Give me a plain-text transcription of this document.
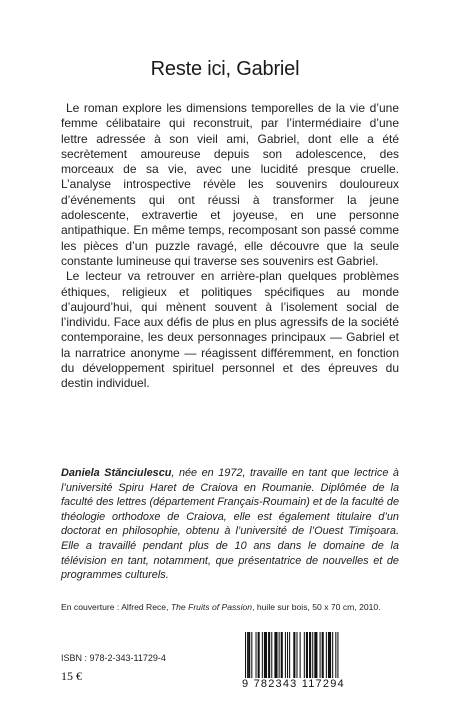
Reste ici, Gabriel

Le roman explore les dimensions temporelles de la vie d’une femme célibataire qui reconstruit, par l’intermédiaire d’une lettre adressée à son vieil ami, Gabriel, dont elle a été secrètement amoureuse depuis son adolescence, des morceaux de sa vie, avec une lucidité presque cruelle. L’analyse introspective révèle les souvenirs douloureux d’événements qui ont réussi à transformer la jeune adolescente, extravertie et joyeuse, en une personne antipathique. En même temps, recomposant son passé comme les pièces d’un puzzle ravagé, elle découvre que la seule constante lumineuse qui traverse ses souvenirs est Gabriel.

Le lecteur va retrouver en arrière-plan quelques problèmes éthiques, religieux et politiques spécifiques au monde d’aujourd’hui, qui mènent souvent à l’isolement social de l’individu. Face aux défis de plus en plus agressifs de la société contemporaine, les deux personnages principaux — Gabriel et la narratrice anonyme — réagissent différemment, en fonction du développement spirituel personnel et des épreuves du destin individuel.

Daniela Stănciulescu, née en 1972, travaille en tant que lectrice à l’université Spiru Haret de Craiova en Roumanie. Diplômée de la faculté des lettres (département Français-Roumain) et de la faculté de théologie orthodoxe de Craiova, elle est également titulaire d’un doctorat en philosophie, obtenu à l’université de l’Ouest Timişoara. Elle a travaillé pendant plus de 10 ans dans le domaine de la télévision en tant, notamment, que présentatrice de nouvelles et de programmes culturels.
En couverture : Alfred Rece, The Fruits of Passion, huile sur bois, 50 x 70 cm, 2010.
ISBN : 978-2-343-11729-4
15 €
9 782343 117294
